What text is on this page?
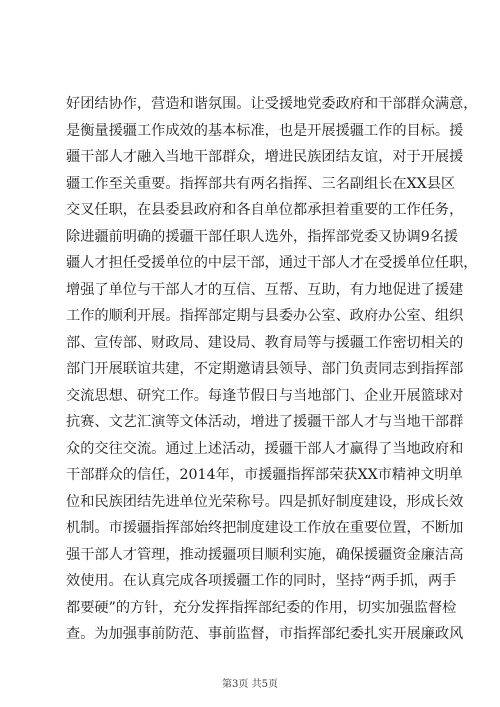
好团结协作，营造和谐氛围。让受援地党委政府和干部群众满意，
是衡量援疆工作成效的基本标准，也是开展援疆工作的目标。援
疆干部人才融入当地干部群众，增进民族团结友谊，对于开展援
疆工作至关重要。指挥部共有两名指挥、三名副组长在XX县区
交叉任职，在县委县政府和各自单位都承担着重要的工作任务，
除进疆前明确的援疆干部任职人选外，指挥部党委又协调9名援
疆人才担任受援单位的中层干部，通过干部人才在受援单位任职，
增强了单位与干部人才的互信、互帮、互助，有力地促进了援建
工作的顺利开展。指挥部定期与县委办公室、政府办公室、组织
部、宣传部、财政局、建设局、教育局等与援疆工作密切相关的
部门开展联谊共建，不定期邀请县领导、部门负责同志到指挥部
交流思想、研究工作。每逢节假日与当地部门、企业开展篮球对
抗赛、文艺汇演等文体活动，增进了援疆干部人才与当地干部群
众的交往交流。通过上述活动，援疆干部人才赢得了当地政府和
干部群众的信任，2014年，市援疆指挥部荣获XX市精神文明单
位和民族团结先进单位光荣称号。四是抓好制度建设，形成长效
机制。市援疆指挥部始终把制度建设工作放在重要位置，不断加
强干部人才管理，推动援疆项目顺利实施，确保援疆资金廉洁高
效使用。在认真完成各项援疆工作的同时，坚持“两手抓，两手
都要硬”的方针，充分发挥指挥部纪委的作用，切实加强监督检
查。为加强事前防范、事前监督，市指挥部纪委扎实开展廉政风
第3页 共5页
